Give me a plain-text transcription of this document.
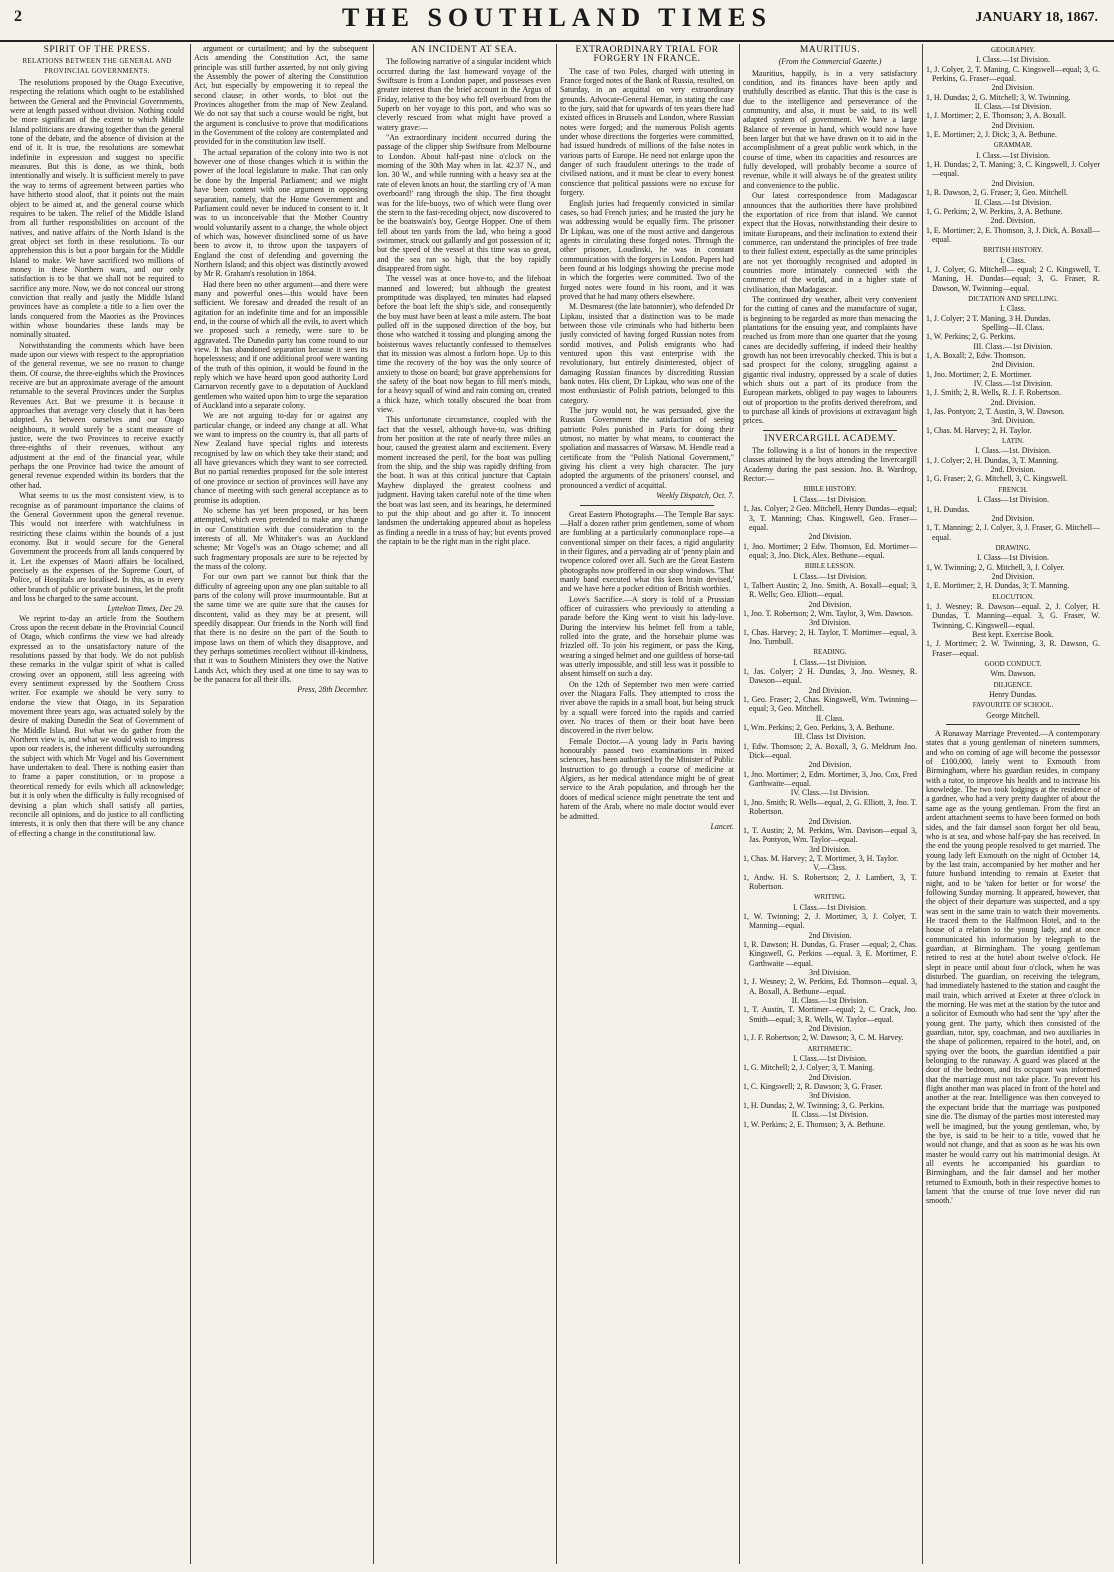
2	THE SOUTHLAND TIMES	JANUARY 18, 1867.
SPIRIT OF THE PRESS.
RELATIONS BETWEEN THE GENERAL AND PROVINCIAL GOVERNMENTS.

The resolutions proposed by the Otago Executive, respecting the relations which ought to be established between the General and the Provincial Governments, were at length passed without division. Nothing could be more significant of the extent to which Middle Island politicians are drawing together than the general tone of the debate, and the absence of division at the end of it. It is true, the resolutions are somewhat indefinite in expression and suggest no specific measures. But this is done, as we think, both intentionally and wisely. It is sufficient merely to pave the way to terms of agreement between parties who have hitherto stood aloof, that it points out the main object to be aimed at, and the general course which requires to be taken. The relief of the Middle Island from all further responsibilities on account of the natives, and native affairs of the North Island is the great object set forth in these resolutions. To our apprehension this is but a poor bargain for the Middle Island to make. We have sacrificed two millions of money in these Northern wars, and our only satisfaction is to be that we shall not be required to sacrifice any more. Now, we do not conceal our strong conviction that really and justly the Middle Island provinces have as complete a title to a lien over the lands conquered from the Maories as the Provinces within whose boundaries these lands may be nominally situated.

Notwithstanding the comments which have been made upon our views with respect to the appropriation of the general revenue, we see no reason to change them. Of course, the three-eighths which the Provinces receive are but an approximate average of the amount returnable to the several Provinces under the Surplus Revenues Act. But we presume it is because it approaches that average very closely that it has been adopted. As between ourselves and our Otago neighbours, it would surely be a scant measure of justice, were the two Provinces to receive exactly three-eighths of their revenues, without any adjustment at the end of the financial year, while perhaps the one Province had twice the amount of general revenue expended within its borders that the other had.

What seems to us the most consistent view, is to recognise as of paramount importance the claims of the General Government upon the general revenue. This would not interfere with watchfulness in restricting these claims within the bounds of a just economy. But it would secure for the General Government the proceeds from all lands conquered by it. Let the expenses of Maori affairs be localised, precisely as the expenses of the Supreme Court, of Police, of Hospitals are localised. In this, as in every other branch of public or private business, let the profit and loss be charged to the same account.

Lyttelton Times, Dec 29.

We reprint to-day an article from the Southern Cross upon the recent debate in the Provincial Council of Otago, which confirms the view we had already expressed as to the unsatisfactory nature of the resolutions passed by that body. We do not publish these remarks in the vulgar spirit of what is called crowing over an opponent, still less agreeing with every sentiment expressed by the Southern Cross writer. For example we should be very sorry to endorse the view that Otago, in its Separation movement three years ago, was actuated solely by the desire of making Dunedin the Seat of Government of the Middle Island. But what we do gather from the Northern view is, and what we would wish to impress upon our readers is, the inherent difficulty surrounding the subject with which Mr Vogel and his Government have undertaken to deal. There is nothing easier than to frame a paper constitution, or to propose a theoretical remedy for evils which all acknowledge; but it is only when the difficulty is fully recognised of devising a plan which shall satisfy all parties, reconcile all opinions, and do justice to all conflicting interests, it is only then that there will be any chance of effecting a change in the constitutional law.

argument or curtailment; and by the subsequent Acts amending the Constitution Act, the same principle was still further asserted, by not only giving the Assembly the power of altering the Constitution Act, but especially by empowering it to repeal the second clause; in other words, to blot out the Provinces altogether from the map of New Zealand. We do not say that such a course would be right, but the argument is conclusive to prove that modifications in the Government of the colony are contemplated and provided for in the constitution law itself.

The actual separation of the colony into two is not however one of those changes which it is within the power of the local legislature to make. That can only be done by the Imperial Parliament; and we might have been content with one argument in opposing separation, namely, that the Home Government and Parliament could never be induced to consent to it. It was to us inconceivable that the Mother Country would voluntarily assent to a change, the whole object of which was, however disinclined some of us have been to avow it, to throw upon the taxpayers of England the cost of defending and governing the Northern Island; and this object was distinctly avowed by Mr R. Graham's resolution in 1864.

Had there been no other argument—and there were many and powerful ones—this would have been sufficient. We foresaw and dreaded the result of an agitation for an indefinite time and for an impossible end, in the course of which all the evils, to avert which we proposed such a remedy, were sure to be aggravated. The Dunedin party has come round to our view. It has abandoned separation because it sees its hopelessness; and if one additional proof were wanting of the truth of this opinion, it would be found in the reply which we have heard upon good authority Lord Carnarvon recently gave to a deputation of Auckland gentlemen who waited upon him to urge the separation of Auckland into a separate colony.

We are not arguing to-day for or against any particular change, or indeed any change at all. What we want to impress on the country is, that all parts of New Zealand have special rights and interests recognised by law on which they take their stand; and all have grievances which they want to see corrected. But no partial remedies proposed for the sole interest of one province or section of provinces will have any chance of meeting with such general acceptance as to promise its adoption.

No scheme has yet been proposed, or has been attempted, which even pretended to make any change in our Constitution with due consideration to the interests of all. Mr Whitaker's was an Auckland scheme; Mr Vogel's was an Otago scheme; and all such fragmentary proposals are sure to be rejected by the mass of the colony.

For our own part we cannot but think that the difficulty of agreeing upon any one plan suitable to all parts of the colony will prove insurmountable. But at the same time we are quite sure that the causes for discontent, valid as they may be at present, will speedily disappear. Our friends in the North will find that there is no desire on the part of the South to impose laws on them of which they disapprove, and they perhaps sometimes recollect without ill-kindness, that it was to Southern Ministers they owe the Native Lands Act, which they used at one time to say was to be the panacea for all their ills.

Press, 28th December.
AN INCIDENT AT SEA.

The following narrative of a singular incident which occurred during the last homeward voyage of the Swiftsure is from a London paper, and possesses even greater interest than the brief account in the Argus of Friday, relative to the boy who fell overboard from the Superb on her voyage to this port, and who was so cleverly rescued from what might have proved a watery grave:—

"An extraordinary incident occurred during the passage of the clipper ship Swiftsure from Melbourne to London. About half-past nine o'clock on the morning of the 30th May when in lat. 42.37 N., and lon. 30 W., and while running with a heavy sea at the rate of eleven knots an hour, the startling cry of 'A man overboard!' rang through the ship. The first thought was for the life-buoys, two of which were flung over the stern to the fast-receding object, now discovered to be the boatswain's boy, George Hopper. One of them fell about ten yards from the lad, who being a good swimmer, struck out gallantly and got possession of it; but the speed of the vessel at this time was so great, and the sea ran so high, that the boy rapidly disappeared from sight.

The vessel was at once hove-to, and the lifeboat manned and lowered; but although the greatest promptitude was displayed, ten minutes had elapsed before the boat left the ship's side, and consequently the boy must have been at least a mile astern. The boat pulled off in the supposed direction of the boy, but those who watched it tossing and plunging among the boisterous waves reluctantly confessed to themselves that its mission was almost a forlorn hope. Up to this time the recovery of the boy was the only source of anxiety to those on board; but grave apprehensions for the safety of the boat now began to fill men's minds, for a heavy squall of wind and rain coming on, created a thick haze, which totally obscured the boat from view.

This unfortunate circumstance, coupled with the fact that the vessel, although hove-to, was drifting from her position at the rate of nearly three miles an hour, caused the greatest alarm and excitement. Every moment increased the peril, for the boat was pulling from the ship, and the ship was rapidly drifting from the boat. It was at this critical juncture that Captain Mayhew displayed the greatest coolness and judgment. Having taken careful note of the time when the boat was last seen, and its bearings, he determined to put the ship about and go after it. To innocent landsmen the undertaking appeared about as hopeless as finding a needle in a truss of hay; but events proved the captain to be the right man in the right place.

EXTRAORDINARY TRIAL FOR FORGERY IN FRANCE.

The case of two Poles, charged with uttering in France forged notes of the Bank of Russia, resulted, on Saturday, in an acquittal on very extraordinary grounds. Advocate-General Hemar, in stating the case to the jury, said that for upwards of ten years there had existed offices in Brussels and London, where Russian notes were forged; and the numerous Polish agents under whose directions the forgeries were committed, had issued hundreds of millions of the false notes in various parts of Europe. He need not enlarge upon the danger of such fraudulent utterings to the trade of civilised nations, and it must be clear to every honest conscience that political passions were no excuse for forgery.

English juries had frequently convicted in similar cases, so had French juries; and he trusted the jury he was addressing would be equally firm. The prisoner Dr Lipkau, was one of the most active and dangerous agents in circulating these forged notes. Through the other prisoner, Loudinski, he was in constant communication with the forgers in London. Papers had been found at his lodgings showing the precise mode in which the forgeries were committed. Two of the forged notes were found in his room, and it was proved that he had many others elsewhere.

M. Desmarest (the late batonnier), who defended Dr Lipkau, insisted that a distinction was to be made between those vile criminals who had hitherto been justly convicted of having forged Russian notes from sordid motives, and Polish emigrants who had ventured upon this vast enterprise with the revolutionary, but entirely disinterested, object of damaging Russian finances by discrediting Russian bank notes. His client, Dr Lipkau, who was one of the most enthusiastic of Polish patriots, belonged to this category.

The jury would not, he was persuaded, give the Russian Government the satisfaction of seeing patriotic Poles punished in Paris for doing their utmost, no matter by what means, to counteract the spoliation and massacres of Warsaw. M. Hendle read a certificate from the "Polish National Government," giving his client a very high character. The jury adopted the arguments of the prisoners' counsel, and pronounced a verdict of acquittal.

Weekly Dispatch, Oct. 7.

Great Eastern Photographs.—The Temple Bar says:—Half a dozen rather prim gentlemen, some of whom are fumbling at a particularly commonplace rope—a conventional simper on their faces, a rigid angularity in their figures, and a pervading air of 'penny plain and twopence colored' over all. Such are the Great Eastern photographs now proffered in our shop windows. 'That manly band executed what this keen brain devised,' and we have here a pocket edition of British worthies.

Love's Sacrifice.—A story is told of a Prussian officer of cuirassiers who previously to attending a parade before the King went to visit his lady-love. During the interview his helmet fell from a table, rolled into the grate, and the horsehair plume was frizzled off. To join his regiment, or pass the King, wearing a singed helmet and one guiltless of horse-tail was utterly impossible, and still less was it possible to absent himself on such a day.

On the 12th of September two men were carried over the Niagara Falls. They attempted to cross the river above the rapids in a small boat, but being struck by a squall were forced into the rapids and carried over. No traces of them or their boat have been discovered in the river below.

Female Doctor.—A young lady in Paris having honourably passed two examinations in mixed sciences, has been authorised by the Minister of Public Instruction to go through a course of medicine at Algiers, as her medical attendance might be of great service to the Arab population, and through her the doors of medical science might penetrate the tent and harem of the Arab, where no male doctor would ever be admitted.

Lancet.
MAURITIUS.
(From the Commercial Gazette.)

Mauritius, happily, is in a very satisfactory condition, and its finances have been aptly and truthfully described as elastic. That this is the case is due to the intelligence and perseverance of the community, and also, it must be said, to its well adapted system of government. We have a large Balance of revenue in hand, which would now have been larger but that we have drawn on it to aid in the accomplishment of a great public work which, in the course of time, when its capacities and resources are fully developed, will probably become a source of revenue, while it will always be of the greatest utility and convenience to the public.

Our latest correspondence from Madagascar announces that the authorities there have prohibited the exportation of rice from that island. We cannot expect that the Hovas, notwithstanding their desire to imitate Europeans, and their inclination to extend their commerce, can understand the principles of free trade to their fullest extent, especially as the same principles are not yet thoroughly recognised and adopted in countries more intimately connected with the commerce of the world, and in a higher state of civilisation, than Madagascar.

The continued dry weather, albeit very convenient for the cutting of canes and the manufacture of sugar, is beginning to be regarded as more than menacing the plantations for the ensuing year, and complaints have reached us from more than one quarter that the young canes are decidedly suffering, if indeed their healthy growth has not been irrevocably checked. This is but a sad prospect for the colony, struggling against a gigantic rival industry, oppressed by a scale of duties which shuts out a part of its produce from the European markets, obliged to pay wages to labourers out of proportion to the profits derived therefrom, and to purchase all kinds of provisions at extravagant high prices.

INVERCARGILL ACADEMY.

The following is a list of honors in the respective classes attained by the boys attending the Invercargill Academy during the past session. Jno. B. Wardrop, Rector:—

BIBLE HISTORY.
I. Class.—1st Division.
1, Jas. Colyer; 2 Geo. Mitchell, Henry Dundas—equal; 3, T. Manning; Chas. Kingswell, Geo. Fraser—equal.
2nd Division.
1, Jno. Mortimer; 2 Edw. Thomson, Ed. Mortimer—equal; 3, Jno. Dick, Alex. Bethune—equal.
BIBLE LESSON.
I. Class.—1st Division.
1, Talbert Austin; 2, Jno. Smith, A. Boxall—equal; 3, R. Wells; Geo. Elliott—equal.
2nd Division.
1, Jno. T. Robertson; 2, Wm. Taylor, 3, Wm. Dawson.
3rd Division.
1, Chas. Harvey; 2, H. Taylor, T. Mortimer—equal, 3. Jno. Turnbull.
READING.
I. Class.—1st Division.
1, Jas. Colyer; 2 H. Dundas, 3, Jno. Wesney, R. Dawson—equal.
2nd Division.
1, Geo. Fraser; 2, Chas. Kingswell, Wm. Twinning—equal; 3, Geo. Mitchell.
II. Class.
1, Wm. Perkins; 2, Geo. Perkins, 3, A. Bethune.
III. Class 1st Division.
1, Edw. Thomson; 2, A. Boxall, 3, G. Meldrum Jno. Dick—equal.
2nd Division.
1, Jno. Mortimer; 2, Edm. Mortimer, 3, Jno. Cox, Fred Garthwaite—equal.
IV. Class.—1st Division.
1, Jno. Smith; R. Wells—equal, 2, G. Elliott, 3, Jno. T. Robertson.
2nd Division.
1, T. Austin; 2, M. Perkins, Wm. Davison—equal 3, Jas. Pontyon, Wm. Taylor—equal.
3rd Division.
1, Chas. M. Harvey; 2, T. Mortimer, 3, H. Taylor.
V.—Class.
1, Andw. H. S. Robertson; 2, J. Lambert, 3, T. Robertson.
WRITING.
I. Class.—1st Division.
1, W. Twinning; 2, J. Mortimer, 3, J. Colyer, T. Manning—equal.
2nd Division.
1, R. Dawson; H. Dundas, G. Fraser —equal; 2, Chas. Kingswell, G. Perkins —equal. 3, E. Mortimer, F. Garthwaite —equal.
3rd Division.
1, J. Wesney; 2, W. Perkins, Ed. Thomson—equal. 3, A. Boxall, A. Bethune—equal.
II. Class.—1st Division.
1, T. Austin, T. Mortimer—equal; 2, C. Crack, Jno. Smith—equal; 3, R. Wells, W. Taylor—equal.
2nd Division.
1, J. F. Robertson; 2, W. Dawson; 3, C. M. Harvey.
ARITHMETIC.
I. Class.—1st Division.
1, G. Mitchell; 2, J. Colyer; 3, T. Maning.
2nd Division.
1, C. Kingswell; 2, R. Dawson; 3, G. Fraser.
3rd Division.
1, H. Dundas; 2, W. Twinning; 3, G. Perkins.
II. Class.—1st Division.
1, W. Perkins; 2, E. Thomson; 3, A. Bethune.
GEOGRAPHY.
I. Class.—1st Division.
1, J. Colyer, 2, T. Maning, C. Kingswell—equal; 3, G. Perkins, G. Fraser—equal.
2nd Division.
1, H. Dundas; 2, G. Mitchell; 3, W. Twinning.
II. Class.—1st Division.
1, J. Mortimer; 2, E. Thomson; 3, A. Boxall.
2nd Division.
1, E. Mortimer; 2, J. Dick; 3, A. Bethune.
GRAMMAR.
I. Class.—1st Division.
1, H. Dundas; 2, T. Maning; 3, C. Kingswell, J. Colyer—equal.
2nd Division.
1, R. Dawson, 2, G. Fraser; 3, Geo. Mitchell.
II. Class.—1st Division.
1, G. Perkins; 2, W. Perkins, 3, A. Bethune.
2nd. Division.
1, E. Mortimer; 2, E. Thomson, 3, J. Dick, A. Boxall—equal.
BRITISH HISTORY.
I. Class.
1, J. Colyer, G. Mitchell— equal; 2 C. Kingswell, T. Maning, H. Dundas—equal; 3, G. Fraser, R. Dawson, W. Twinning—equal.
DICTATION AND SPELLING.
I. Class.
1, J. Colyer; 2 T. Maning, 3 H. Dundas.
Spelling—II. Class.
1, W. Perkins; 2, G. Perkins.
III. Class.—1st Division.
1, A. Boxall; 2, Edw. Thomson.
2nd Division.
1, Jno. Mortimer; 2, E. Mortimer.
IV. Class.—1st Division.
1, J. Smith; 2, R. Wells, R. J. F. Robertson.
2nd. Division.
1, Jas. Pontyon; 2, T. Austin, 3, W. Dawson.
3rd. Division.
1, Chas. M. Harvey; 2, H. Taylor.
LATIN.
I. Class.—1st. Division.
1, J. Colyer; 2, H. Dundas, 3, T. Manning.
2nd. Division.
1, G. Fraser; 2, G. Mitchell, 3, C. Kingswell.
FRENCH.
I. Class—1st Division.
1, H. Dundas.
2nd Division.
1, T. Manning; 2, J. Colyer, 3, J. Fraser, G. Mitchell—equal.
DRAWING.
I. Class—1st Division.
1, W. Twinning; 2, G. Mitchell, 3, J. Colyer.
2nd Division.
1, E. Mortimer; 2, H. Dundas, 3; T. Manning.
ELOCUTION.
1, J. Wesney; R. Dawson—equal. 2, J. Colyer, H. Dundas, T. Manning—equal. 3, G. Fraser, W. Twinning, C. Kingswell—equal.
Best kept. Exercise Book.
1, J. Mortimer; 2. W. Twinning, 3, R. Dawson, G. Fraser—equal.
GOOD CONDUCT.
Wm. Dawson.
DILIGENCE.
Henry Dundas.
FAVOURITE OF SCHOOL.
George Mitchell.

A Runaway Marriage Prevented.—A contemporary states that a young gentleman of nineteen summers, and who on coming of age will become the possessor of £100,000, lately went to Exmouth from Birmingham, where his guardian resides, in company with a tutor, to improve his health and to increase his knowledge. The two took lodgings at the residence of a gardner, who had a very pretty daughter of about the same age as the young gentleman. From the first an ardent attachment seems to have been formed on both sides, and the fair damsel soon forgot her old beau, who is at sea, and whose half-pay she has received. In the end the young people resolved to get married. The young lady left Exmouth on the night of October 14, by the last train, accompanied by her mother and her future husband intending to remain at Exeter that night, and to be 'taken for better or for worse' the following Sunday morning. It appeared, however, that the object of their departure was suspected, and a spy was sent in the same train to watch their movements. He traced them to the Halfmoon Hotel, and to the house of a relation to the young lady, and at once communicated his information by telegraph to the guardian, at Birmingham. The young gentleman retired to rest at the hotel about twelve o'clock. He slept in peace until about four o'clock, when he was disturbed. The guardian, on receiving the telegram, had immediately hastened to the station and caught the mail train, which arrived at Exeter at three o'clock in the morning. He was met at the station by the tutor and a solicitor of Exmouth who had sent the 'spy' after the young gent. The party, which then consisted of the guardian, tutor, spy, coachman, and two auxiliaries in the shape of policemen, repaired to the hotel, and, on spying over the boots, the guardian identified a pair belonging to the runaway. A guard was placed at the door of the bedroom, and its occupant was informed that the marriage must not take place. To prevent his flight another man was placed in front of the hotel and another at the rear. Intelligence was then conveyed to the expectant bride that the marriage was postponed sine die. The dismay of the parties most interested may well be imagined, but the young gentleman, who, by the bye, is said to be heir to a title, vowed that he would not change, and that as soon as he was his own master he would carry out his matrimonial design. At all events he accompanied his guardian to Birmingham, and the fair damsel and her mother returned to Exmouth, both in their respective homes to lament 'that the course of true love never did run smooth.'
